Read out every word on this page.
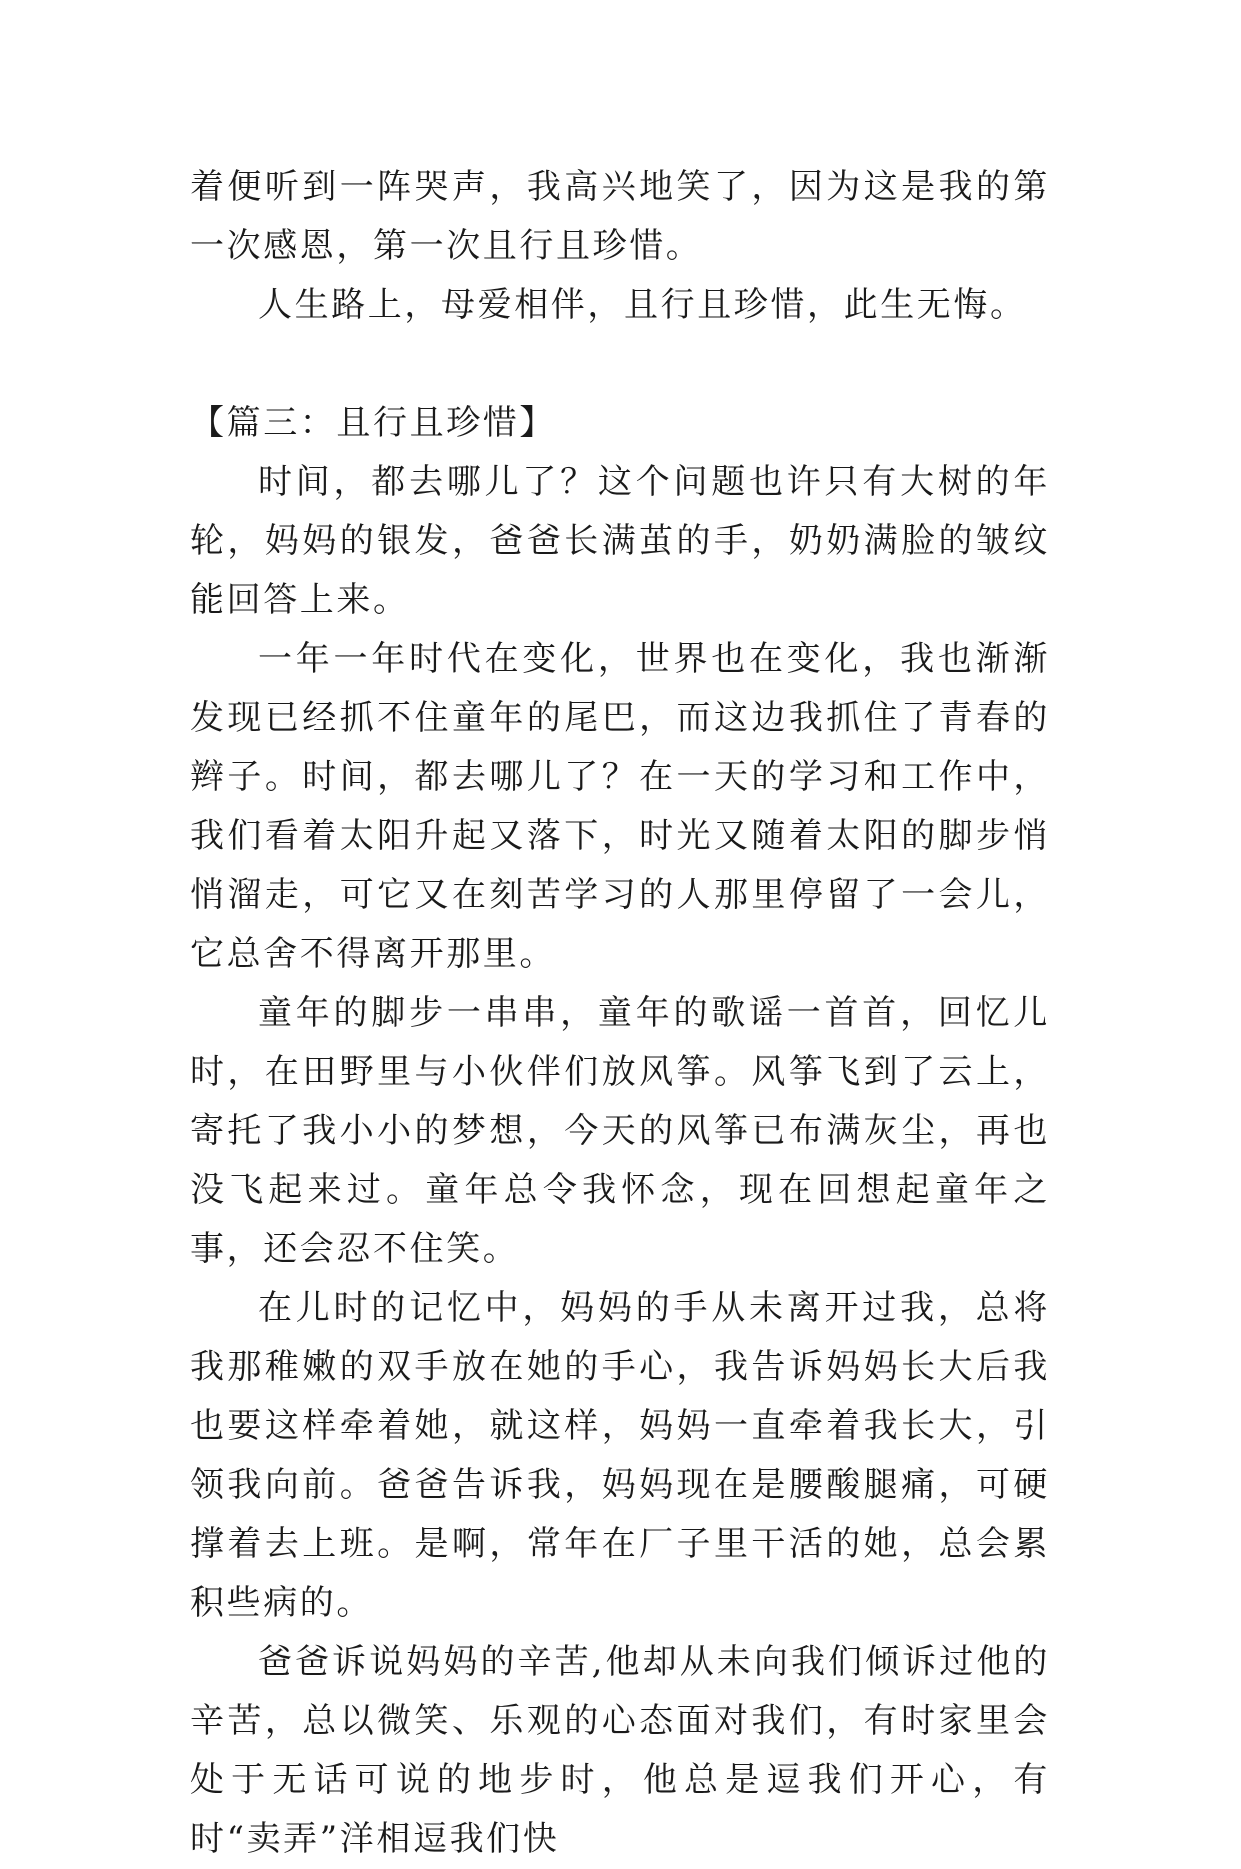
着便听到一阵哭声，我高兴地笑了，因为这是我的第一次感恩，第一次且行且珍惜。

人生路上，母爱相伴，且行且珍惜，此生无悔。

【篇三：且行且珍惜】

时间，都去哪儿了？这个问题也许只有大树的年轮，妈妈的银发，爸爸长满茧的手，奶奶满脸的皱纹能回答上来。

一年一年时代在变化，世界也在变化，我也渐渐发现已经抓不住童年的尾巴，而这边我抓住了青春的辫子。时间，都去哪儿了？在一天的学习和工作中，我们看着太阳升起又落下，时光又随着太阳的脚步悄悄溜走，可它又在刻苦学习的人那里停留了一会儿，它总舍不得离开那里。

童年的脚步一串串，童年的歌谣一首首，回忆儿时，在田野里与小伙伴们放风筝。风筝飞到了云上，寄托了我小小的梦想，今天的风筝已布满灰尘，再也没飞起来过。童年总令我怀念，现在回想起童年之事，还会忍不住笑。

在儿时的记忆中，妈妈的手从未离开过我，总将我那稚嫩的双手放在她的手心，我告诉妈妈长大后我也要这样牵着她，就这样，妈妈一直牵着我长大，引领我向前。爸爸告诉我，妈妈现在是腰酸腿痛，可硬撑着去上班。是啊，常年在厂子里干活的她，总会累积些病的。

爸爸诉说妈妈的辛苦,他却从未向我们倾诉过他的辛苦，总以微笑、乐观的心态面对我们，有时家里会处于无话可说的地步时，他总是逗我们开心，有时“卖弄”洋相逗我们快
